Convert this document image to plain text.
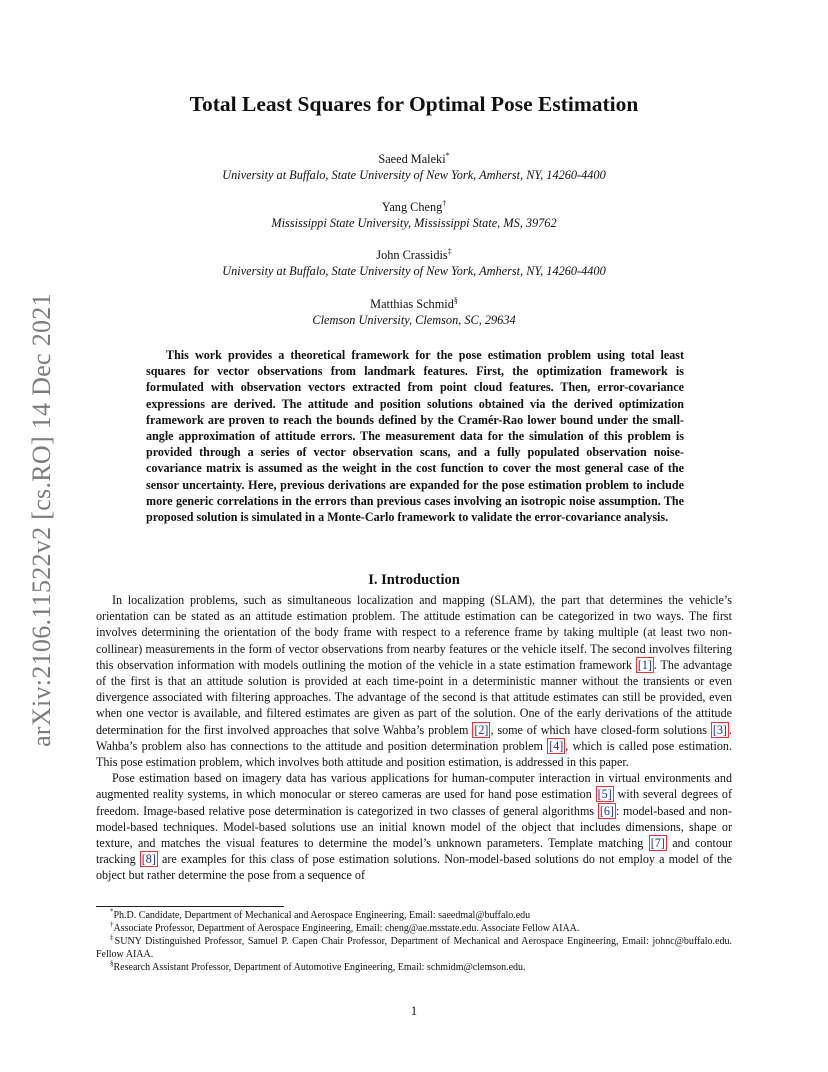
arXiv:2106.11522v2 [cs.RO] 14 Dec 2021
Total Least Squares for Optimal Pose Estimation
Saeed Maleki*
University at Buffalo, State University of New York, Amherst, NY, 14260-4400
Yang Cheng†
Mississippi State University, Mississippi State, MS, 39762
John Crassidis‡
University at Buffalo, State University of New York, Amherst, NY, 14260-4400
Matthias Schmid§
Clemson University, Clemson, SC, 29634

This work provides a theoretical framework for the pose estimation problem using total least squares for vector observations from landmark features. First, the optimization framework is formulated with observation vectors extracted from point cloud features. Then, error-covariance expressions are derived. The attitude and position solutions obtained via the derived optimization framework are proven to reach the bounds defined by the Cramér-Rao lower bound under the small-angle approximation of attitude errors. The measurement data for the simulation of this problem is provided through a series of vector observation scans, and a fully populated observation noise-covariance matrix is assumed as the weight in the cost function to cover the most general case of the sensor uncertainty. Here, previous derivations are expanded for the pose estimation problem to include more generic correlations in the errors than previous cases involving an isotropic noise assumption. The proposed solution is simulated in a Monte-Carlo framework to validate the error-covariance analysis.

I. Introduction

In localization problems, such as simultaneous localization and mapping (SLAM), the part that determines the vehicle’s orientation can be stated as an attitude estimation problem. The attitude estimation can be categorized in two ways. The first involves determining the orientation of the body frame with respect to a reference frame by taking multiple (at least two non-collinear) measurements in the form of vector observations from nearby features or the vehicle itself. The second involves filtering this observation information with models outlining the motion of the vehicle in a state estimation framework [1] . The advantage of the first is that an attitude solution is provided at each time-point in a deterministic manner without the transients or even divergence associated with filtering approaches. The advantage of the second is that attitude estimates can still be provided, even when one vector is available, and filtered estimates are given as part of the solution. One of the early derivations of the attitude determination for the first involved approaches that solve Wahba’s problem [2] , some of which have closed-form solutions [3] . Wahba’s problem also has connections to the attitude and position determination problem [4] , which is called pose estimation. This pose estimation problem, which involves both attitude and position estimation, is addressed in this paper.

Pose estimation based on imagery data has various applications for human-computer interaction in virtual environments and augmented reality systems, in which monocular or stereo cameras are used for hand pose estimation [5] with several degrees of freedom. Image-based relative pose determination is categorized in two classes of general algorithms [6] : model-based and non-model-based techniques. Model-based solutions use an initial known model of the object that includes dimensions, shape or texture, and matches the visual features to determine the model’s unknown parameters. Template matching [7] and contour tracking [8] are examples for this class of pose estimation solutions. Non-model-based solutions do not employ a model of the object but rather determine the pose from a sequence of

*Ph.D. Candidate, Department of Mechanical and Aerospace Engineering, Email: saeedmal@buffalo.edu

†Associate Professor, Department of Aerospace Engineering, Email: cheng@ae.msstate.edu. Associate Fellow AIAA.

‡SUNY Distinguished Professor, Samuel P. Capen Chair Professor, Department of Mechanical and Aerospace Engineering, Email: johnc@buffalo.edu. Fellow AIAA.

§Research Assistant Professor, Department of Automotive Engineering, Email: schmidm@clemson.edu.

1
